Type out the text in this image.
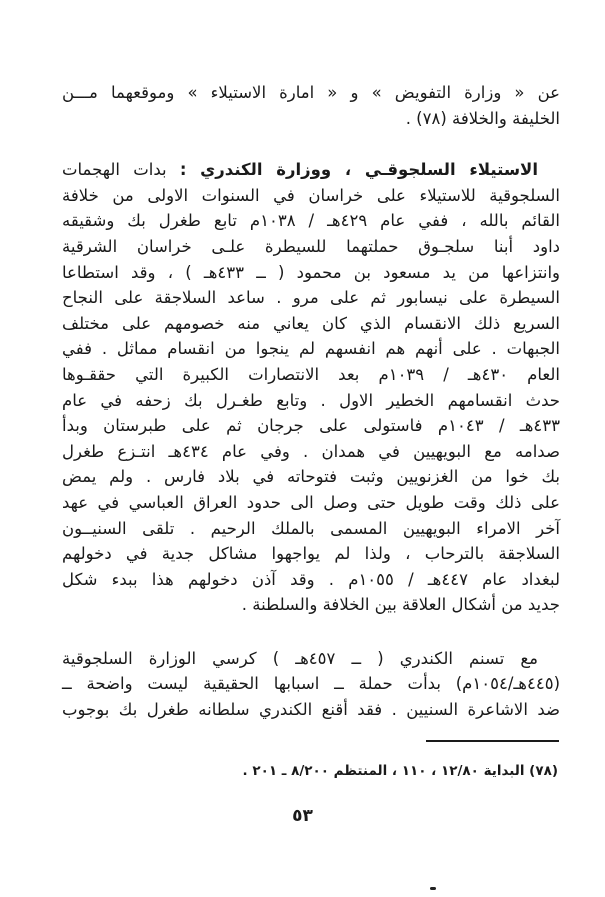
عن « وزارة التفويض » و « امارة الاستيلاء » وموقعهما مـــن
الخليفة والخلافة (٧٨) .
الاستيلاء السلجوقـي ، ووزارة الكندري : بدات الهجمات
السلجوقية للاستيلاء على خراسان في السنوات الاولى من خلافة
القائم بالله ، ففي عام ٤٢٩هـ / ١٠٣٨م تابع طغرل بك وشقيقه
داود أبنا سلجـوق حملتهما للسيطرة علـى خراسان الشرقية
وانتزاعها من يد مسعود بن محمود ( ــ ٤٣٣هـ ) ، وقد استطاعا
السيطرة على نيسابور ثم على مرو . ساعد السلاجقة على النجاح
السريع ذلك الانقسام الذي كان يعاني منه خصومهم على مختلف
الجبهات . على أنهم هم انفسهم لم ينجوا من انقسام مماثل . ففي
العام ٤٣٠هـ / ١٠٣٩م بعد الانتصارات الكبيرة التي حققـوها
حدث انقسامهم الخطير الاول . وتابع طغـرل بك زحفه في عام
٤٣٣هـ / ١٠٤٣م فاستولى على جرجان ثم على طبرستان وبدأ
صدامه مع البويهيين في همدان . وفي عام ٤٣٤هـ انتـزع طغرل
بك خوا من الغزنويين وثبت فتوحاته في بلاد فارس . ولم يمض
على ذلك وقت طويل حتى وصل الى حدود العراق العباسي في عهد
آخر الامراء البويهيين المسمى بالملك الرحيم . تلقى السنيــون
السلاجقة بالترحاب ، ولذا لم يواجهوا مشاكل جدية في دخولهم
لبغداد عام ٤٤٧هـ / ١٠٥٥م . وقد آذن دخولهم هذا ببدء شكل
جديد من أشكال العلاقة بين الخلافة والسلطنة .
مع تسنم الكندري ( ــ ٤٥٧هـ ) كرسي الوزارة السلجوقية
(٤٤٥هـ/١٠٥٤م) بدأت حملة ــ اسبابها الحقيقية ليست واضحة ــ
ضد الاشاعرة السنيين . فقد أقنع الكندري سلطانه طغرل بك بوجوب
(٧٨) البداية ١٢/٨٠ ، ١١٠ ، المنتظم ٨/٢٠٠ ـ ٢٠١ .
٥٣
